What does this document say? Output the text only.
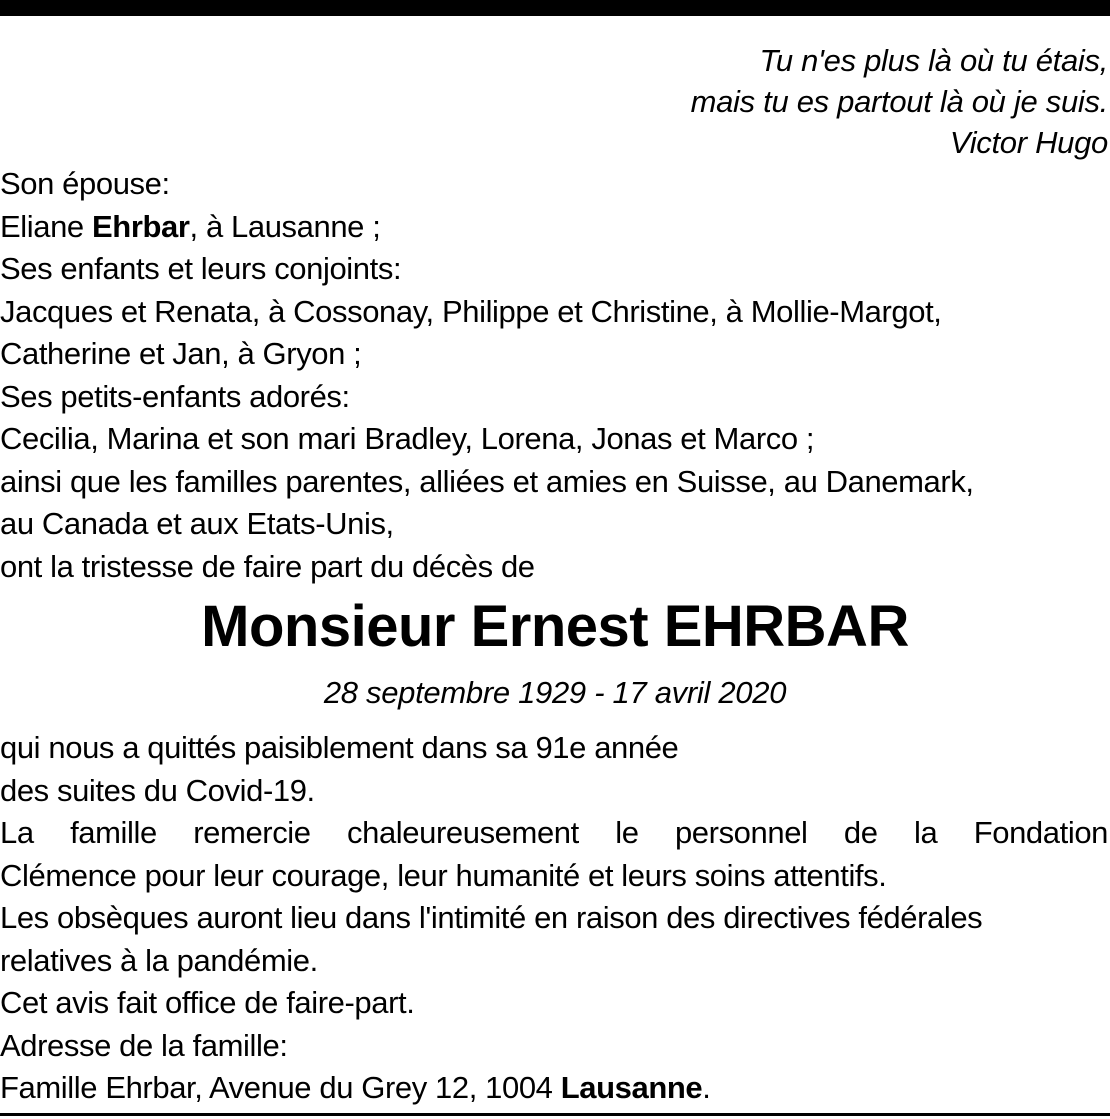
Tu n'es plus là où tu étais,
mais tu es partout là où je suis.
Victor Hugo
Son épouse:
Eliane Ehrbar, à Lausanne ;
Ses enfants et leurs conjoints:
Jacques et Renata, à Cossonay, Philippe et Christine, à Mollie-Margot,
Catherine et Jan, à Gryon ;
Ses petits-enfants adorés:
Cecilia, Marina et son mari Bradley, Lorena, Jonas et Marco ;
ainsi que les familles parentes, alliées et amies en Suisse, au Danemark,
au Canada et aux Etats-Unis,
ont la tristesse de faire part du décès de
Monsieur Ernest EHRBAR
28 septembre 1929 - 17 avril 2020
qui nous a quittés paisiblement dans sa 91e année
des suites du Covid-19.
La famille remercie chaleureusement le personnel de la Fondation
Clémence pour leur courage, leur humanité et leurs soins attentifs.
Les obsèques auront lieu dans l'intimité en raison des directives fédérales
relatives à la pandémie.
Cet avis fait office de faire-part.
Adresse de la famille:
Famille Ehrbar, Avenue du Grey 12, 1004 Lausanne.
